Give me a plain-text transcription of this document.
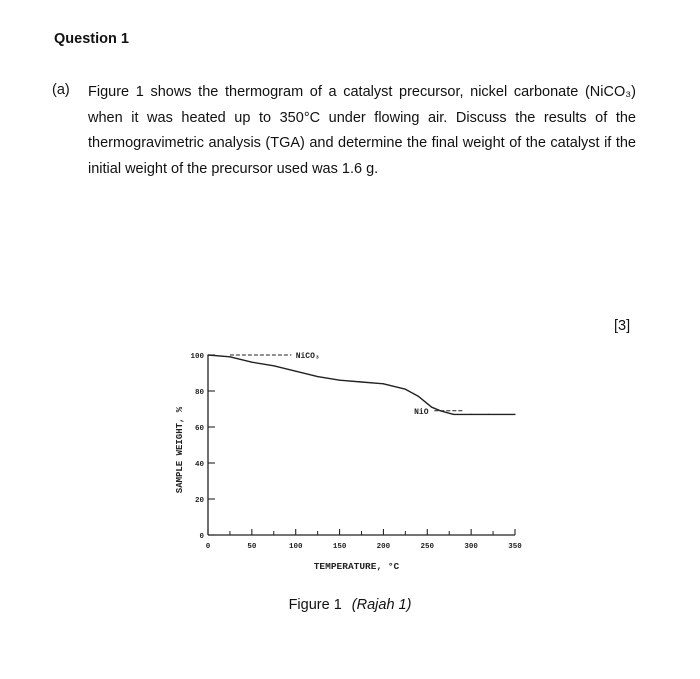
Question 1
(a) Figure 1 shows the thermogram of a catalyst precursor, nickel carbonate (NiCO₃) when it was heated up to 350°C under flowing air. Discuss the results of the thermogravimetric analysis (TGA) and determine the final weight of the catalyst if the initial weight of the precursor used was 1.6 g.
[3]
0
20
40
60
80
100
0	50	100	150	200	250	300	350
NiCO₃
NiO
SAMPLE WEIGHT, %
TEMPERATURE, °C
Figure 1 (Rajah 1)
